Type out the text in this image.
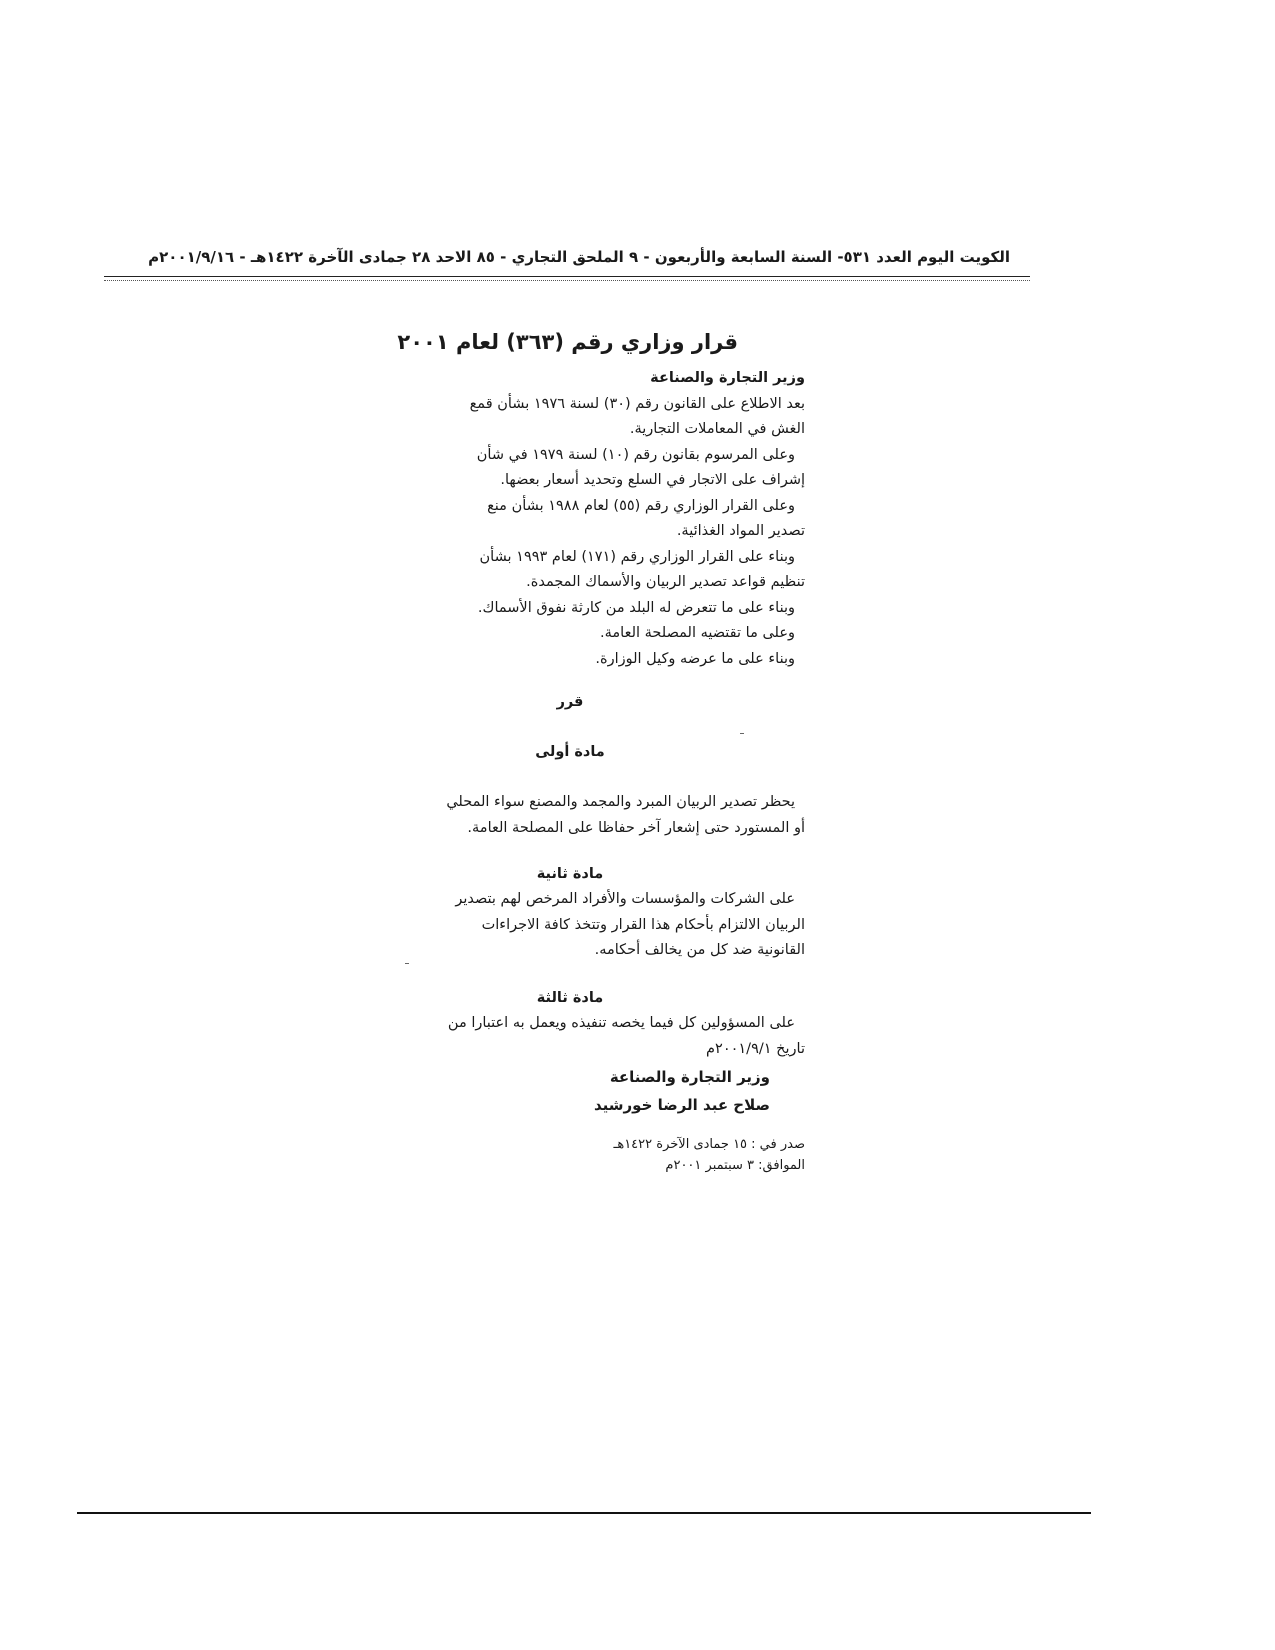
الكويت اليوم العدد ٥٣١- السنة السابعة والأربعون - ٩ الملحق التجاري - ٨٥ الاحد ٢٨ جمادى الآخرة ١٤٢٢هـ - ٢٠٠١/٩/١٦م
قرار وزاري رقم (٣٦٣) لعام ٢٠٠١

وزير التجارة والصناعة

بعد الاطلاع على القانون رقم (٣٠) لسنة ١٩٧٦ بشأن قمع

الغش في المعاملات التجارية.

وعلى المرسوم بقانون رقم (١٠) لسنة ١٩٧٩ في شأن

إشراف على الاتجار في السلع وتحديد أسعار بعضها.

وعلى القرار الوزاري رقم (٥٥) لعام ١٩٨٨ بشأن منع

تصدير المواد الغذائية.

وبناء على القرار الوزاري رقم (١٧١) لعام ١٩٩٣ بشأن

تنظيم قواعد تصدير الربيان والأسماك المجمدة.

وبناء على ما تتعرض له البلد من كارثة نفوق الأسماك.

وعلى ما تقتضيه المصلحة العامة.

وبناء على ما عرضه وكيل الوزارة.

قرر
مادة أولى

يحظر تصدير الربيان المبرد والمجمد والمصنع سواء المحلي

أو المستورد حتى إشعار آخر حفاظا على المصلحة العامة.

مادة ثانية

على الشركات والمؤسسات والأفراد المرخص لهم بتصدير

الربيان الالتزام بأحكام هذا القرار وتتخذ كافة الاجراءات

القانونية ضد كل من يخالف أحكامه.

مادة ثالثة

على المسؤولين كل فيما يخصه تنفيذه ويعمل به اعتبارا من

تاريخ ٢٠٠١/٩/١م

وزير التجارة والصناعة

صلاح عبد الرضا خورشيد

صدر في : ١٥ جمادى الآخرة ١٤٢٢هـ

الموافق: ٣ سبتمبر ٢٠٠١م
